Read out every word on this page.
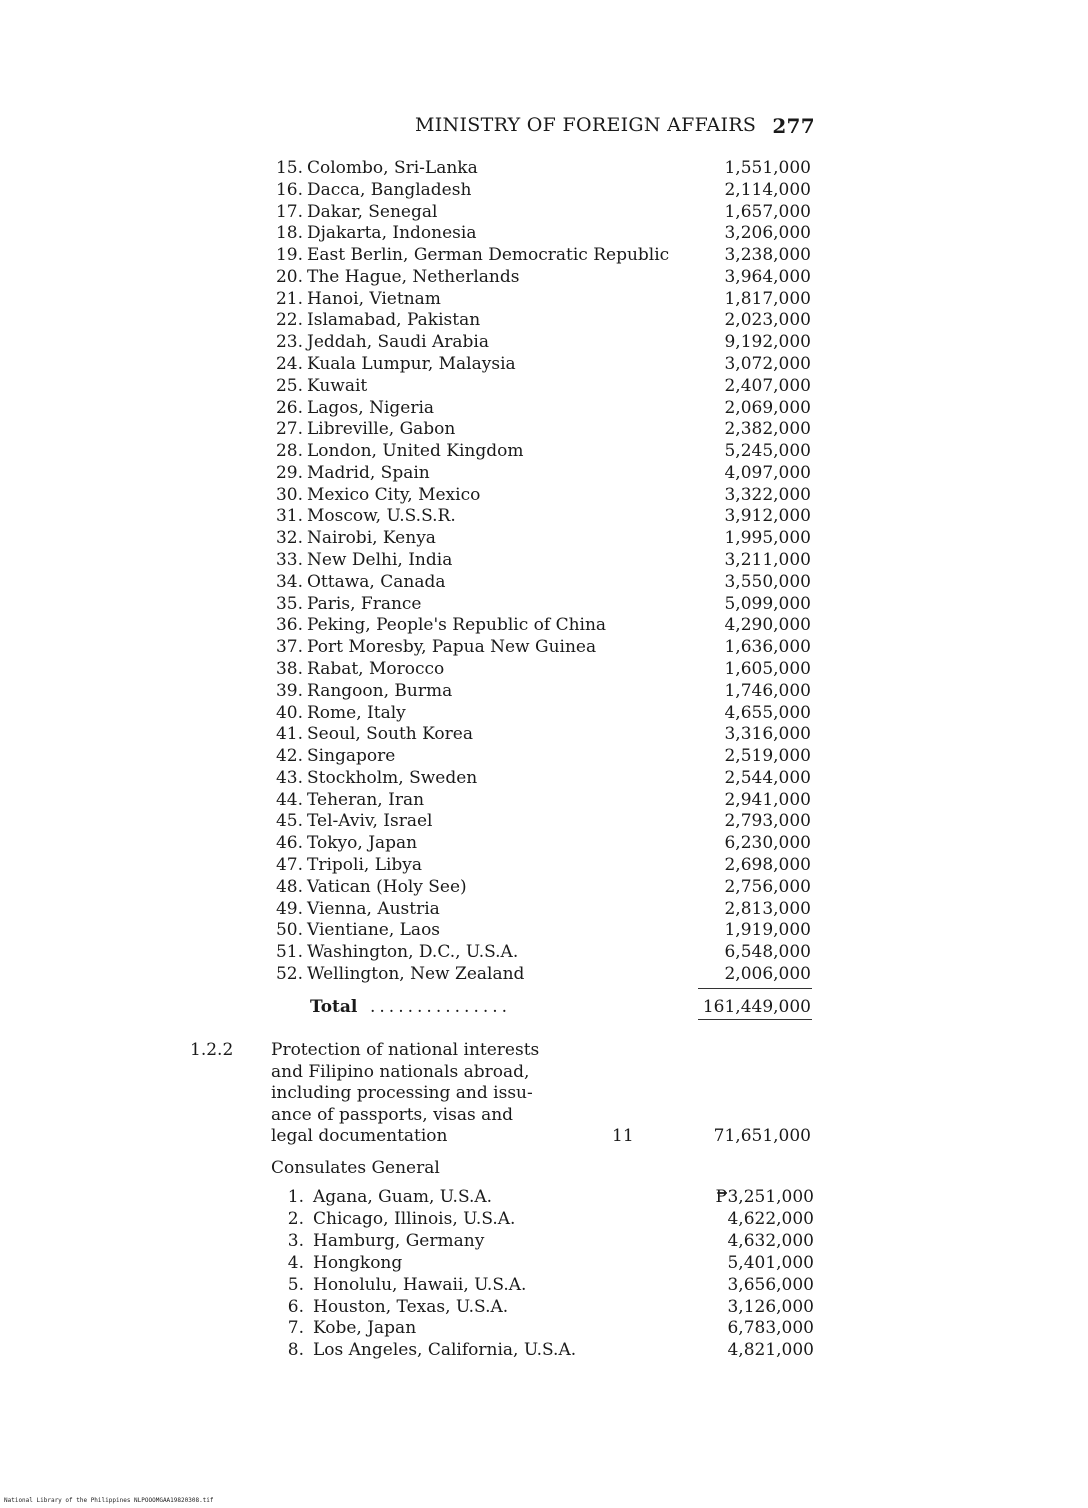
MINISTRY OF FOREIGN AFFAIRS 277
15. Colombo, Sri-Lanka	1,551,000
16. Dacca, Bangladesh	2,114,000
17. Dakar, Senegal	1,657,000
18. Djakarta, Indonesia	3,206,000
19. East Berlin, German Democratic Republic	3,238,000
20. The Hague, Netherlands	3,964,000
21. Hanoi, Vietnam	1,817,000
22. Islamabad, Pakistan	2,023,000
23. Jeddah, Saudi Arabia	9,192,000
24. Kuala Lumpur, Malaysia	3,072,000
25. Kuwait	2,407,000
26. Lagos, Nigeria	2,069,000
27. Libreville, Gabon	2,382,000
28. London, United Kingdom	5,245,000
29. Madrid, Spain	4,097,000
30. Mexico City, Mexico	3,322,000
31. Moscow, U.S.S.R.	3,912,000
32. Nairobi, Kenya	1,995,000
33. New Delhi, India	3,211,000
34. Ottawa, Canada	3,550,000
35. Paris, France	5,099,000
36. Peking, People's Republic of China	4,290,000
37. Port Moresby, Papua New Guinea	1,636,000
38. Rabat, Morocco	1,605,000
39. Rangoon, Burma	1,746,000
40. Rome, Italy	4,655,000
41. Seoul, South Korea	3,316,000
42. Singapore	2,519,000
43. Stockholm, Sweden	2,544,000
44. Teheran, Iran	2,941,000
45. Tel-Aviv, Israel	2,793,000
46. Tokyo, Japan	6,230,000
47. Tripoli, Libya	2,698,000
48. Vatican (Holy See)	2,756,000
49. Vienna, Austria	2,813,000
50. Vientiane, Laos	1,919,000
51. Washington, D.C., U.S.A.	6,548,000
52. Wellington, New Zealand	2,006,000
Total ...............	161,449,000
1.2.2 Protection of national interests
and Filipino nationals abroad,
including processing and issu-
ance of passports, visas and
legal documentation	11	71,651,000
Consulates General
1. Agana, Guam, U.S.A.	₱3,251,000
2. Chicago, Illinois, U.S.A.	4,622,000
3. Hamburg, Germany	4,632,000
4. Hongkong	5,401,000
5. Honolulu, Hawaii, U.S.A.	3,656,000
6. Houston, Texas, U.S.A.	3,126,000
7. Kobe, Japan	6,783,000
8. Los Angeles, California, U.S.A.	4,821,000
National Library of the Philippines NLPOOOMGAA19820308.tif
